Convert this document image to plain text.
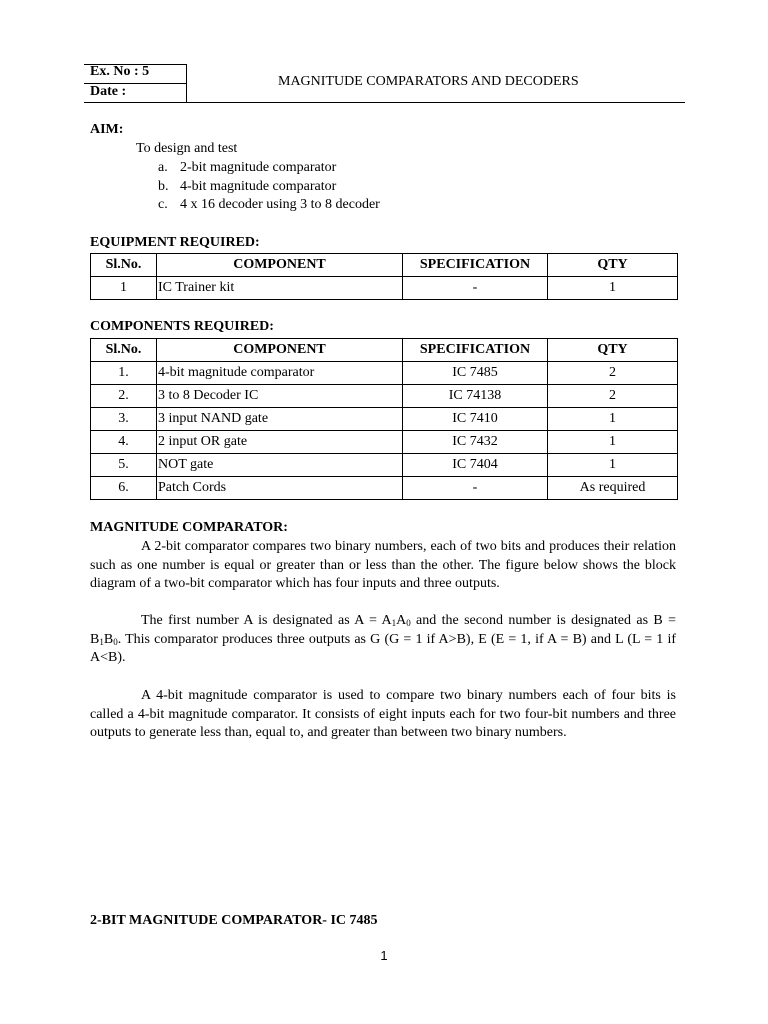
Ex. No : 5
Date :
MAGNITUDE COMPARATORS AND DECODERS
AIM:
To design and test
a. 2-bit magnitude comparator
b. 4-bit magnitude comparator
c. 4 x 16 decoder using 3 to 8 decoder
EQUIPMENT REQUIRED:
Sl.No.	COMPONENT	SPECIFICATION	QTY
1	IC Trainer kit	-	1
COMPONENTS REQUIRED:
Sl.No.	COMPONENT	SPECIFICATION	QTY
1.	4-bit magnitude comparator	IC 7485	2
2.	3 to 8 Decoder IC	IC 74138	2
3.	3 input NAND gate	IC 7410	1
4.	2 input OR gate	IC 7432	1
5.	NOT gate	IC 7404	1
6.	Patch Cords	-	As required
MAGNITUDE COMPARATOR:
A 2-bit comparator compares two binary numbers, each of two bits and produces their relation such as one number is equal or greater than or less than the other. The figure below shows the block diagram of a two-bit comparator which has four inputs and three outputs.
The first number A is designated as $A = A_1A_0$ and the second number is designated as $B = B_1B_0$. This comparator produces three outputs as G (G = 1 if A>B), E (E = 1, if A = B) and L (L = 1 if A<B).
A 4-bit magnitude comparator is used to compare two binary numbers each of four bits is called a 4-bit magnitude comparator. It consists of eight inputs each for two four-bit numbers and three outputs to generate less than, equal to, and greater than between two binary numbers.
2-BIT MAGNITUDE COMPARATOR- IC 7485
1
